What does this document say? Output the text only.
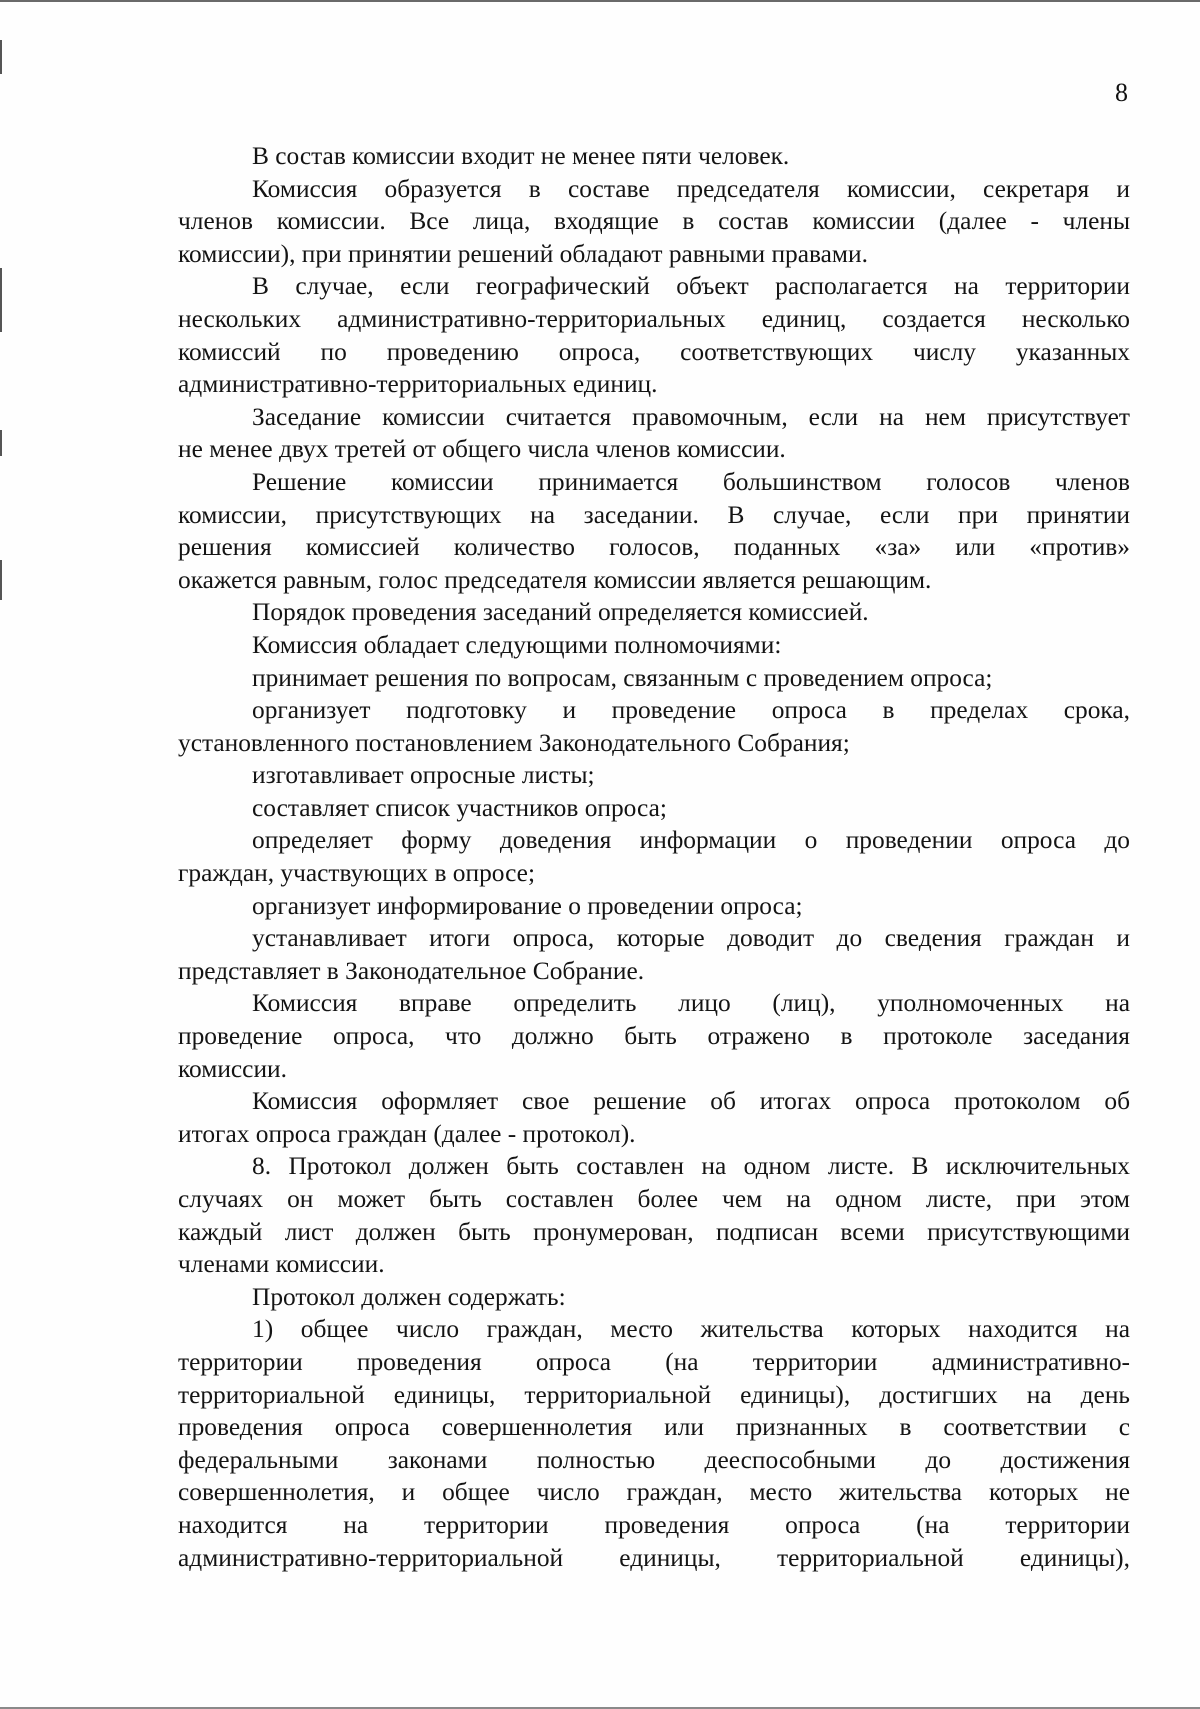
8
В состав комиссии входит не менее пяти человек.
Комиссия образуется в составе председателя комиссии, секретаря и
членов комиссии. Все лица, входящие в состав комиссии (далее - члены
комиссии), при принятии решений обладают равными правами.
В случае, если географический объект располагается на территории
нескольких административно-территориальных единиц, создается несколько
комиссий по проведению опроса, соответствующих числу указанных
административно-территориальных единиц.
Заседание комиссии считается правомочным, если на нем присутствует
не менее двух третей от общего числа членов комиссии.
Решение комиссии принимается большинством голосов членов
комиссии, присутствующих на заседании. В случае, если при принятии
решения комиссией количество голосов, поданных «за» или «против»
окажется равным, голос председателя комиссии является решающим.
Порядок проведения заседаний определяется комиссией.
Комиссия обладает следующими полномочиями:
принимает решения по вопросам, связанным с проведением опроса;
организует подготовку и проведение опроса в пределах срока,
установленного постановлением Законодательного Собрания;
изготавливает опросные листы;
составляет список участников опроса;
определяет форму доведения информации о проведении опроса до
граждан, участвующих в опросе;
организует информирование о проведении опроса;
устанавливает итоги опроса, которые доводит до сведения граждан и
представляет в Законодательное Собрание.
Комиссия вправе определить лицо (лиц), уполномоченных на
проведение опроса, что должно быть отражено в протоколе заседания
комиссии.
Комиссия оформляет свое решение об итогах опроса протоколом об
итогах опроса граждан (далее - протокол).
8. Протокол должен быть составлен на одном листе. В исключительных
случаях он может быть составлен более чем на одном листе, при этом
каждый лист должен быть пронумерован, подписан всеми присутствующими
членами комиссии.
Протокол должен содержать:
1) общее число граждан, место жительства которых находится на
территории проведения опроса (на территории административно-
территориальной единицы, территориальной единицы), достигших на день
проведения опроса совершеннолетия или признанных в соответствии с
федеральными законами полностью дееспособными до достижения
совершеннолетия, и общее число граждан, место жительства которых не
находится на территории проведения опроса (на территории
административно-территориальной единицы, территориальной единицы),
